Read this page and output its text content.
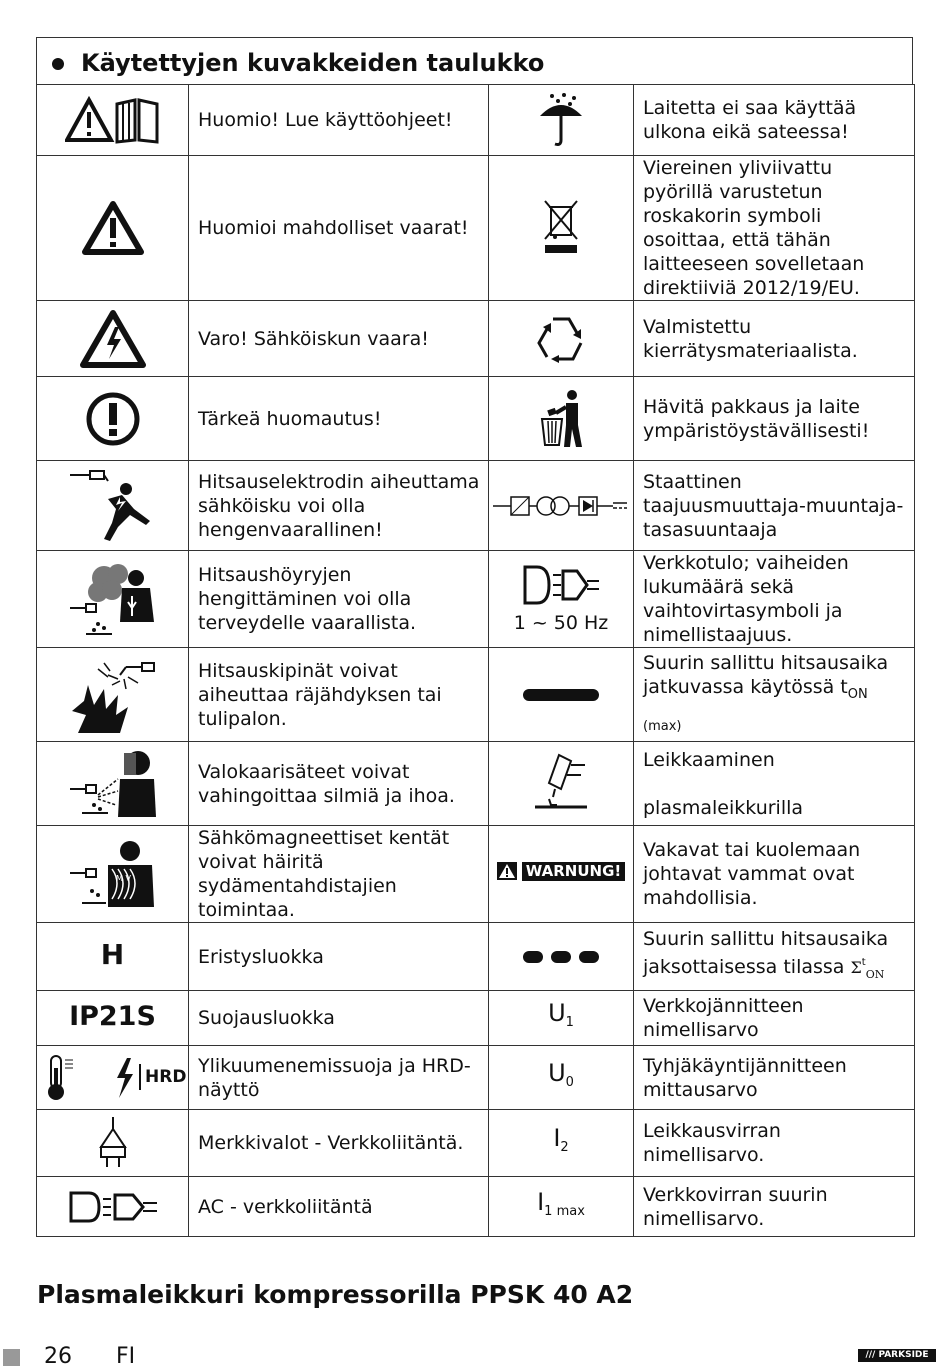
Käytettyjen kuvakkeiden taulukko
	Huomio! Lue käyttöohjeet!		Laitetta ei saa käyttää ulkona eikä sateessa!

	Huomioi mahdolliset vaarat!		Viereinen yliviivattu pyörillä varustetun roskakorin symboli osoittaa, että tähän laitteeseen sovelletaan direktiiviä 2012/19/EU.

	Varo! Sähköiskun vaara!		Valmistettu kierrätysmateriaalista.

	Tärkeä huomautus!		Hävitä pakkaus ja laite ympäristöystävällisesti!

	Hitsauselektrodin aiheuttama sähköisku voi olla hengenvaarallinen!		Staattinen taajuusmuuttaja-muuntaja-tasasuuntaaja

	Hitsaushöyryjen hengittäminen voi olla terveydelle vaarallista.	1 ~ 50 Hz	Verkkotulo; vaiheiden lukumäärä sekä vaihtovirtasymboli ja nimellistaajuus.

	Hitsauskipinät voivat aiheuttaa räjähdyksen tai tulipalon.		Suurin sallittu hitsausaika jatkuvassa käytössä $t_{ON (max)}$

	Valokaarisäteet voivat vahingoittaa silmiä ja ihoa.		Leikkaaminen
plasmaleikkurilla

M V	Sähkömagneettiset kentät voivat häiritä sydämentahdistajien toimintaa.	WARNUNG!	Vakavat tai kuolemaan johtavat vammat ovat mahdollisia.
H	Eristysluokka		Suurin sallittu hitsausaika jaksottaisessa tilassa $\Sigma^t_{ON}$
IP21S	Suojausluokka	$U_1$	Verkkojännitteen nimellisarvo

HRD	Ylikuumenemissuoja ja HRD-näyttö	$U_0$	Tyhjäkäyntijännitteen mittausarvo

	Merkkivalot - Verkkoliitäntä.	$I_2$	Leikkausvirran nimellisarvo.

	AC - verkkoliitäntä	$I_{1 max}$	Verkkovirran suurin nimellisarvo.
Plasmaleikkuri kompressorilla PPSK 40 A2
26 FI	/// PARKSIDE
